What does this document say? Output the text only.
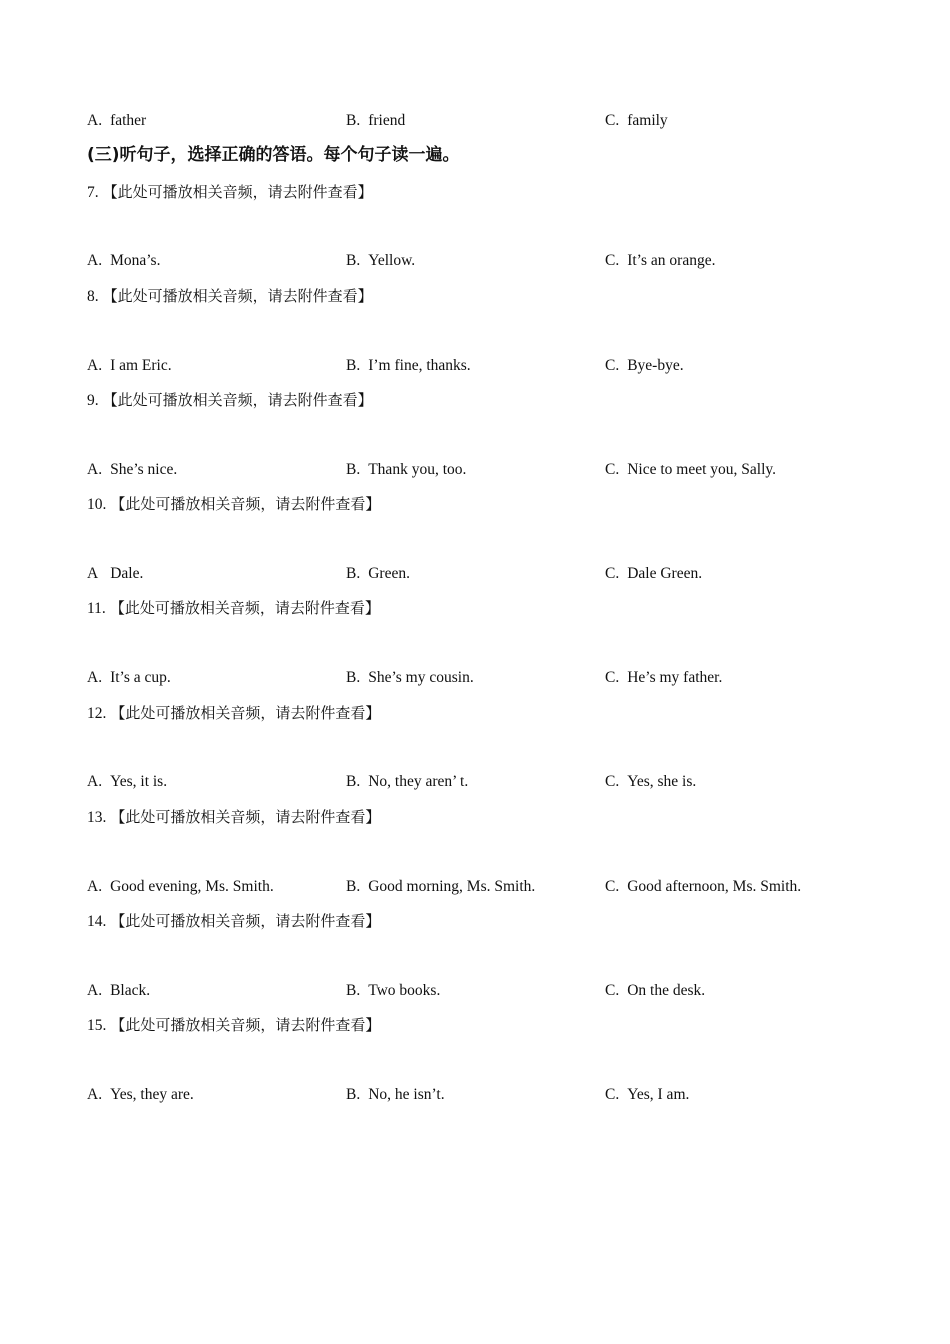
A. father	B. friend	C. family
(三)听句子，选择正确的答语。每个句子读一遍。
7. 【此处可播放相关音频，请去附件查看】
A. Mona’s.	B. Yellow.	C. It’s an orange.
8. 【此处可播放相关音频，请去附件查看】
A. I am Eric.	B. I’m fine, thanks.	C. Bye-bye.
9. 【此处可播放相关音频，请去附件查看】
A. She’s nice.	B. Thank you, too.	C. Nice to meet you, Sally.
10. 【此处可播放相关音频，请去附件查看】
A Dale.	B. Green.	C. Dale Green.
11. 【此处可播放相关音频，请去附件查看】
A. It’s a cup.	B. She’s my cousin.	C. He’s my father.
12. 【此处可播放相关音频，请去附件查看】
A. Yes, it is.	B. No, they aren’ t.	C. Yes, she is.
13. 【此处可播放相关音频，请去附件查看】
A. Good evening, Ms. Smith.	B. Good morning, Ms. Smith.	C. Good afternoon, Ms. Smith.
14. 【此处可播放相关音频，请去附件查看】
A. Black.	B. Two books.	C. On the desk.
15. 【此处可播放相关音频，请去附件查看】
A. Yes, they are.	B. No, he isn’t.	C. Yes, I am.
